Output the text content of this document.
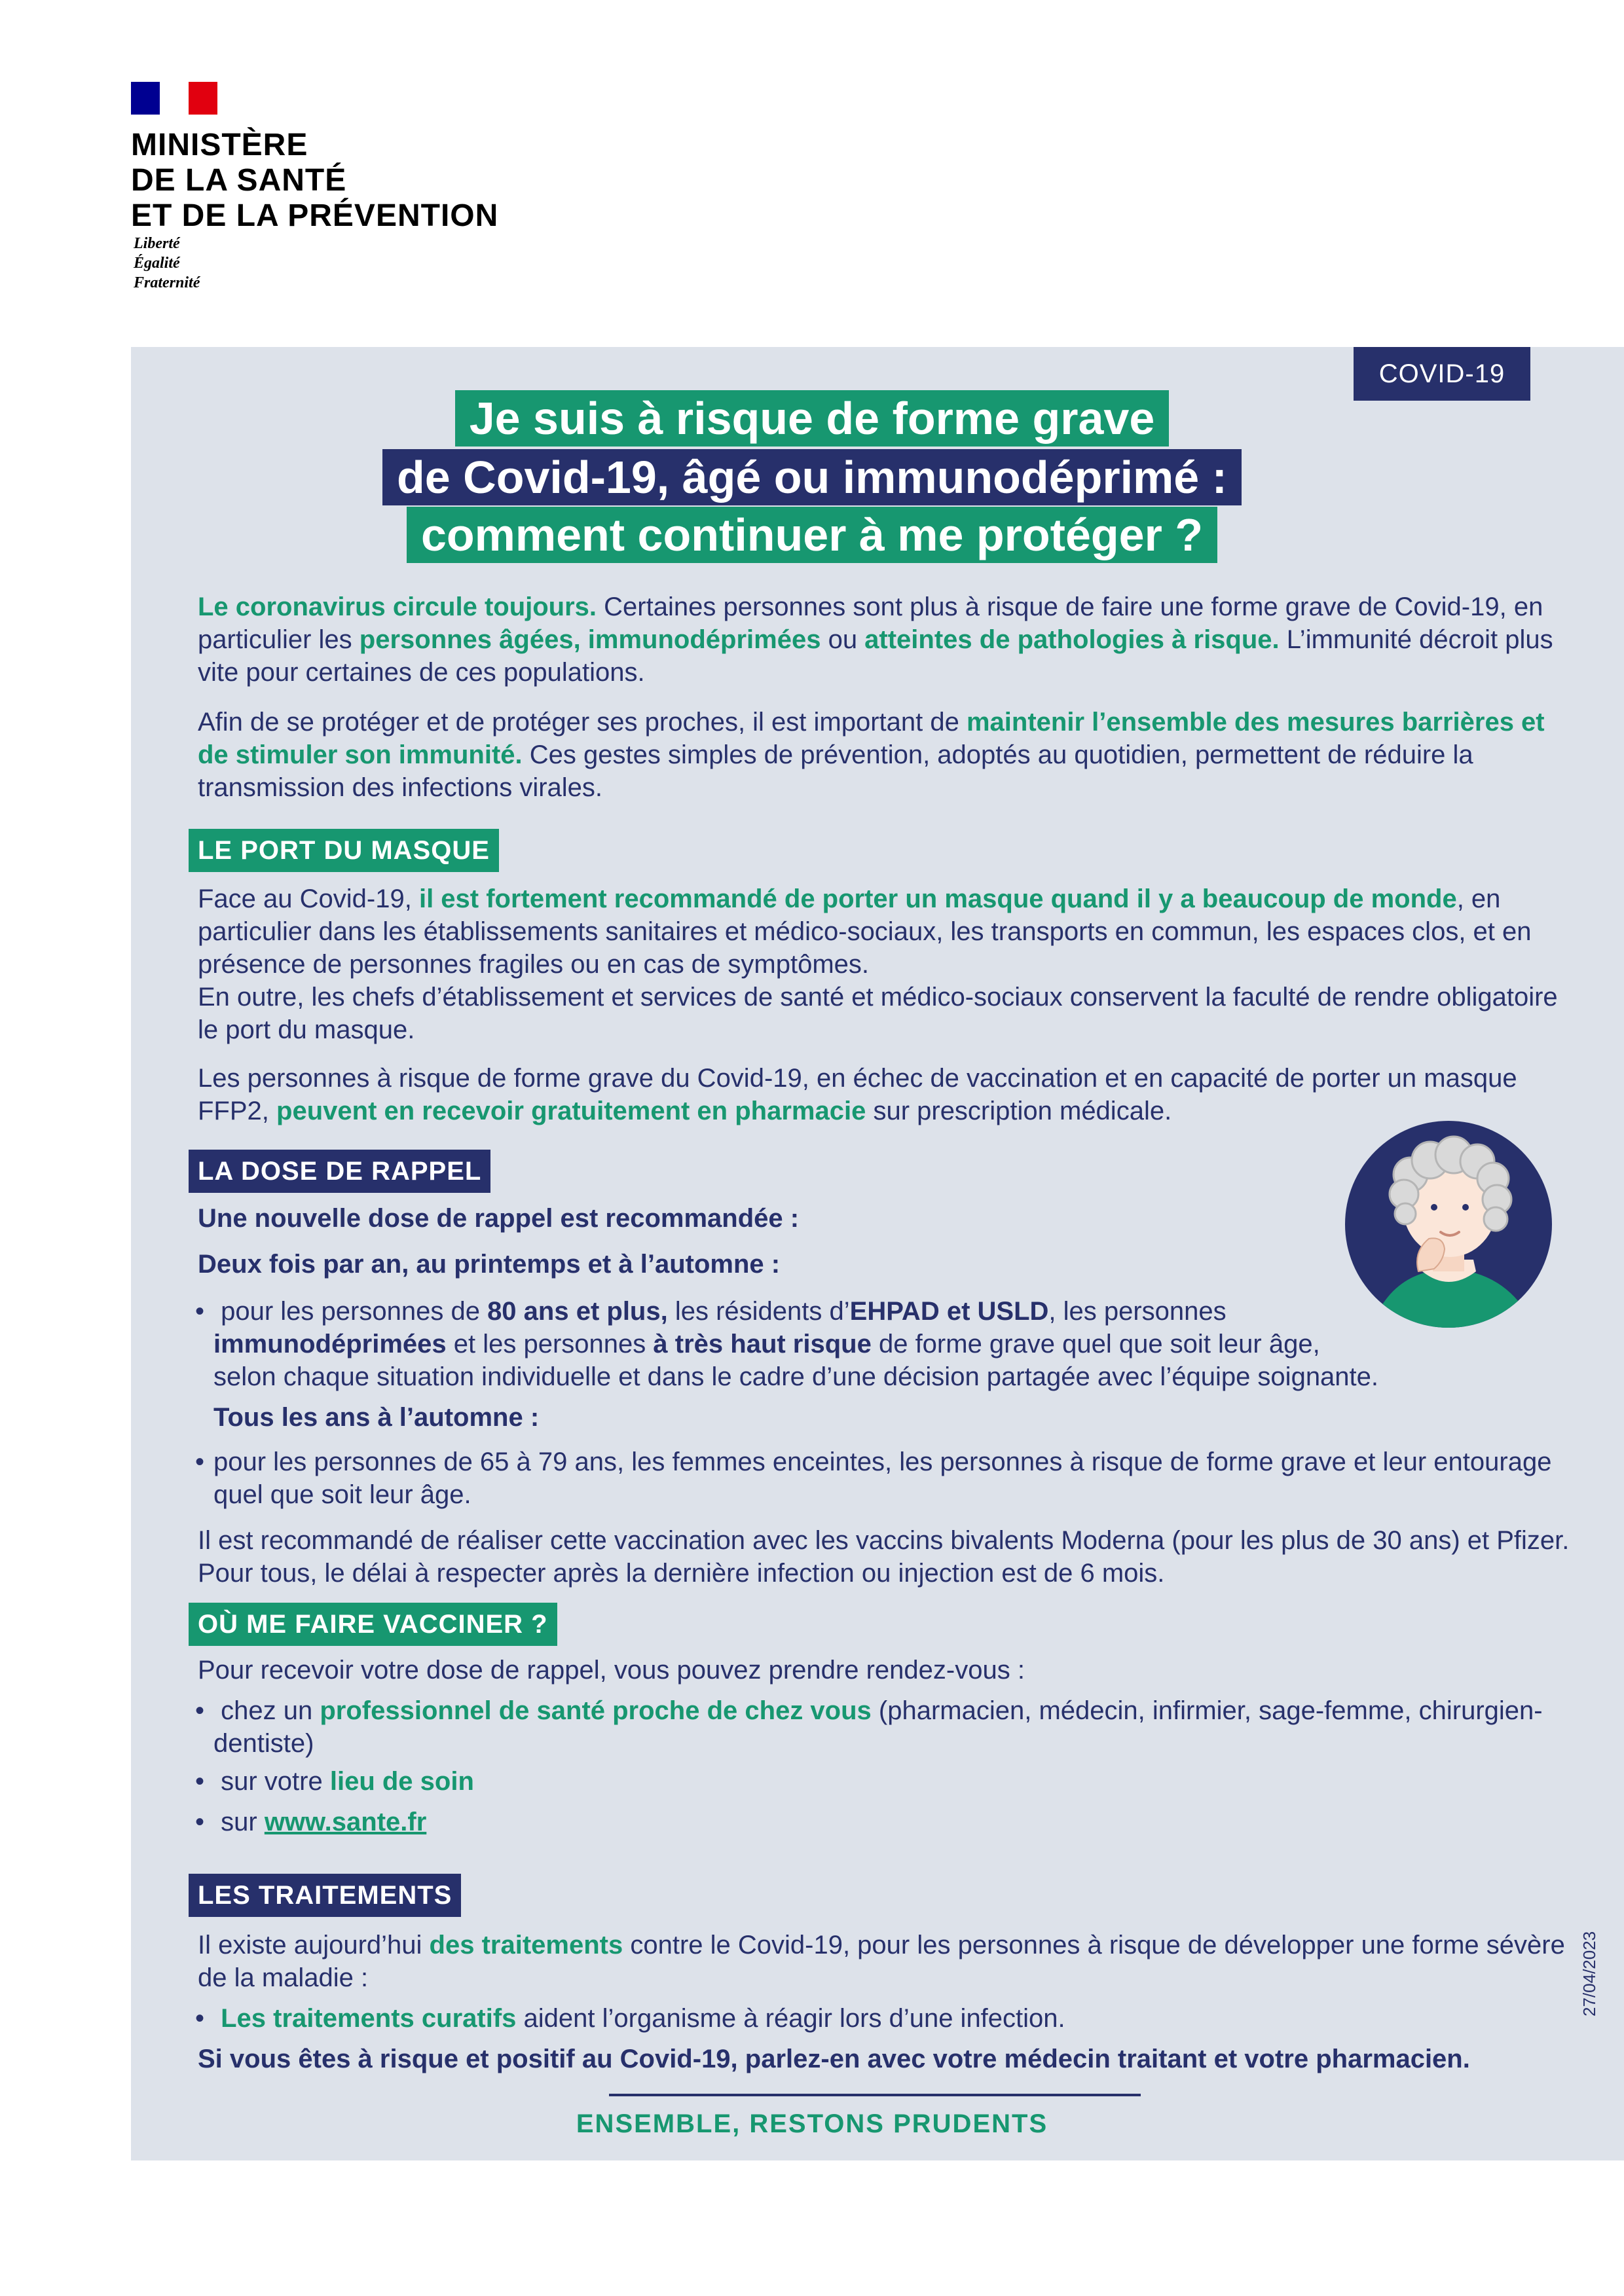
MINISTÈRE
DE LA SANTÉ
ET DE LA PRÉVENTION
Liberté
Égalité
Fraternité
COVID-19
Je suis à risque de forme grave
de Covid-19, âgé ou immunodéprimé :
comment continuer à me protéger ?
Le coronavirus circule toujours. Certaines personnes sont plus à risque de faire une forme grave de Covid-19, en particulier les personnes âgées, immunodéprimées ou atteintes de pathologies à risque. L’immunité décroit plus vite pour certaines de ces populations.
Afin de se protéger et de protéger ses proches, il est important de maintenir l’ensemble des mesures barrières et de stimuler son immunité. Ces gestes simples de prévention, adoptés au quotidien, permettent de réduire la transmission des infections virales.
LE PORT DU MASQUE
Face au Covid-19, il est fortement recommandé de porter un masque quand il y a beaucoup de monde, en particulier dans les établissements sanitaires et médico-sociaux, les transports en commun, les espaces clos, et en présence de personnes fragiles ou en cas de symptômes.
En outre, les chefs d’établissement et services de santé et médico-sociaux conservent la faculté de rendre obligatoire le port du masque.
Les personnes à risque de forme grave du Covid-19, en échec de vaccination et en capacité de porter un masque FFP2, peuvent en recevoir gratuitement en pharmacie sur prescription médicale.
LA DOSE DE RAPPEL
Une nouvelle dose de rappel est recommandée :
Deux fois par an, au printemps et à l’automne :
• pour les personnes de 80 ans et plus, les résidents d’EHPAD et USLD, les personnes immunodéprimées et les personnes à très haut risque de forme grave quel que soit leur âge, selon chaque situation individuelle et dans le cadre d’une décision partagée avec l’équipe soignante.
Tous les ans à l’automne :
• pour les personnes de 65 à 79 ans, les femmes enceintes, les personnes à risque de forme grave et leur entourage quel que soit leur âge.
Il est recommandé de réaliser cette vaccination avec les vaccins bivalents Moderna (pour les plus de 30 ans) et Pfizer. Pour tous, le délai à respecter après la dernière infection ou injection est de 6 mois.
OÙ ME FAIRE VACCINER ?
Pour recevoir votre dose de rappel, vous pouvez prendre rendez-vous :
• chez un professionnel de santé proche de chez vous (pharmacien, médecin, infirmier, sage-femme, chirurgien-dentiste)
• sur votre lieu de soin
• sur www.sante.fr
LES TRAITEMENTS
Il existe aujourd’hui des traitements contre le Covid-19, pour les personnes à risque de développer une forme sévère de la maladie :
• Les traitements curatifs aident l’organisme à réagir lors d’une infection.
Si vous êtes à risque et positif au Covid-19, parlez-en avec votre médecin traitant et votre pharmacien.
27/04/2023
ENSEMBLE, RESTONS PRUDENTS
